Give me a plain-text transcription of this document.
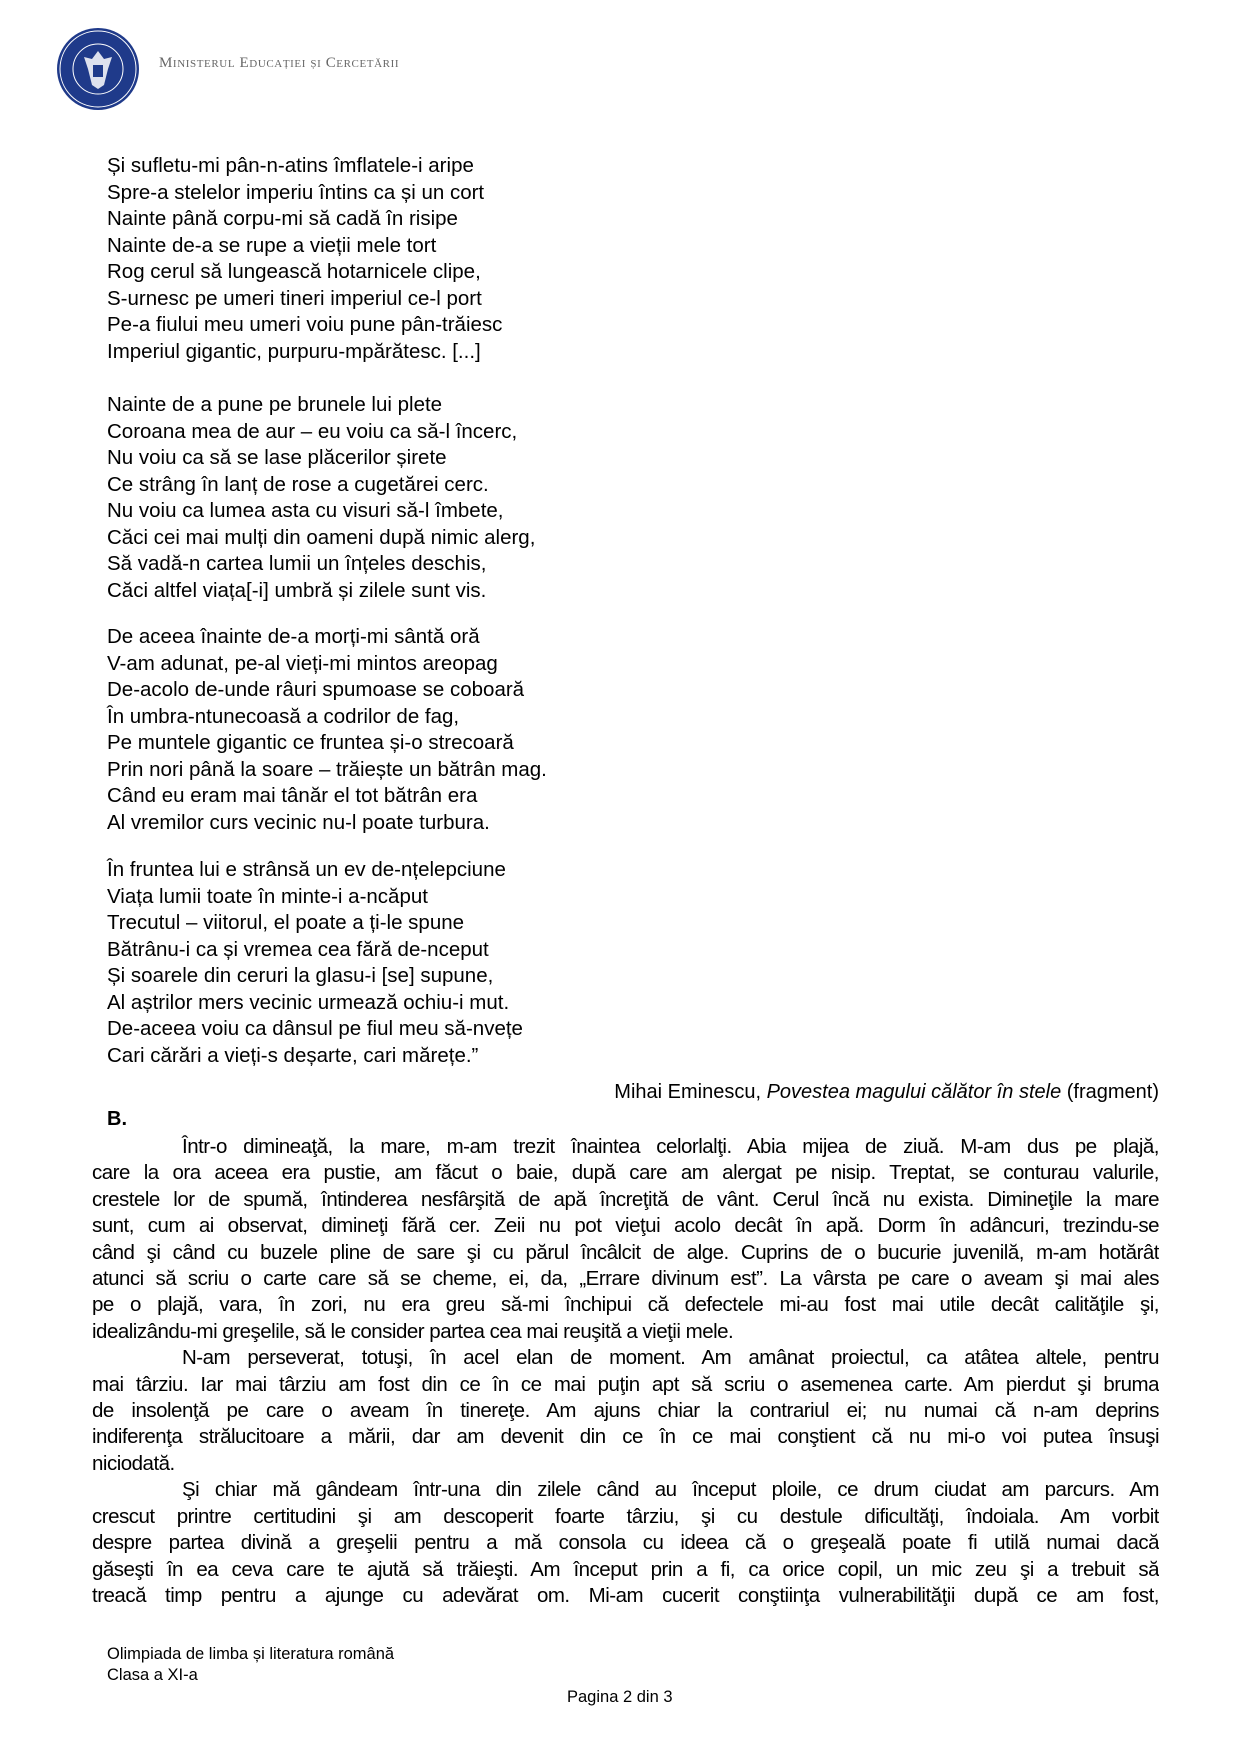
Ministerul Educației și Cercetării
Mihai Eminescu, Povestea magului călător în stele (fragment)
B.
Într-o dimineaţă, la mare, m-am trezit înaintea celorlalţi. Abia mijea de ziuă. M-am dus pe plajă,
care la ora aceea era pustie, am făcut o baie, după care am alergat pe nisip. Treptat, se conturau valurile,
crestele lor de spumă, întinderea nesfârşită de apă încreţită de vânt. Cerul încă nu exista. Dimineţile la mare
sunt, cum ai observat, dimineţi fără cer. Zeii nu pot vieţui acolo decât în apă. Dorm în adâncuri, trezindu-se
când şi când cu buzele pline de sare şi cu părul încâlcit de alge. Cuprins de o bucurie juvenilă, m-am hotărât
atunci să scriu o carte care să se cheme, ei, da, „Errare divinum est”. La vârsta pe care o aveam şi mai ales
pe o plajă, vara, în zori, nu era greu să-mi închipui că defectele mi-au fost mai utile decât calităţile şi,
idealizându-mi greşelile, să le consider partea cea mai reuşită a vieţii mele.
N-am perseverat, totuşi, în acel elan de moment. Am amânat proiectul, ca atâtea altele, pentru
mai târziu. Iar mai târziu am fost din ce în ce mai puţin apt să scriu o asemenea carte. Am pierdut şi bruma
de insolenţă pe care o aveam în tinereţe. Am ajuns chiar la contrariul ei; nu numai că n-am deprins
indiferenţa strălucitoare a mării, dar am devenit din ce în ce mai conştient că nu mi-o voi putea însuşi
niciodată.
Şi chiar mă gândeam într-una din zilele când au început ploile, ce drum ciudat am parcurs. Am
crescut printre certitudini şi am descoperit foarte târziu, şi cu destule dificultăţi, îndoiala. Am vorbit
despre partea divină a greşelii pentru a mă consola cu ideea că o greşeală poate fi utilă numai dacă
găseşti în ea ceva care te ajută să trăieşti. Am început prin a fi, ca orice copil, un mic zeu şi a trebuit să
treacă timp pentru a ajunge cu adevărat om. Mi-am cucerit conştiinţa vulnerabilităţii după ce am fost,
Olimpiada de limba și literatura română
Clasa a XI-a
Pagina 2 din 3
Și sufletu-mi pân-n-atins îmflatele-i aripe
Spre-a stelelor imperiu întins ca și un cort
Nainte până corpu-mi să cadă în risipe
Nainte de-a se rupe a vieții mele tort
Rog cerul să lungească hotarnicele clipe,
S-urnesc pe umeri tineri imperiul ce-l port
Pe-a fiului meu umeri voiu pune pân-trăiesc
Imperiul gigantic, purpuru-mpărătesc. [...]
Nainte de a pune pe brunele lui plete
Coroana mea de aur – eu voiu ca să-l încerc,
Nu voiu ca să se lase plăcerilor șirete
Ce strâng în lanț de rose a cugetărei cerc.
Nu voiu ca lumea asta cu visuri să-l îmbete,
Căci cei mai mulți din oameni după nimic alerg,
Să vadă-n cartea lumii un înțeles deschis,
Căci altfel viața[-i] umbră și zilele sunt vis.
De aceea înainte de-a morți-mi sântă oră
V-am adunat, pe-al vieți-mi mintos areopag
De-acolo de-unde râuri spumoase se coboară
În umbra-ntunecoasă a codrilor de fag,
Pe muntele gigantic ce fruntea și-o strecoară
Prin nori până la soare – trăiește un bătrân mag.
Când eu eram mai tânăr el tot bătrân era
Al vremilor curs vecinic nu-l poate turbura.
În fruntea lui e strânsă un ev de-nțelepciune
Viața lumii toate în minte-i a-ncăput
Trecutul – viitorul, el poate a ți-le spune
Bătrânu-i ca și vremea cea fără de-nceput
Și soarele din ceruri la glasu-i [se] supune,
Al aștrilor mers vecinic urmează ochiu-i mut.
De-aceea voiu ca dânsul pe fiul meu să-nvețe
Cari cărări a vieți-s deșarte, cari mărețe.”
